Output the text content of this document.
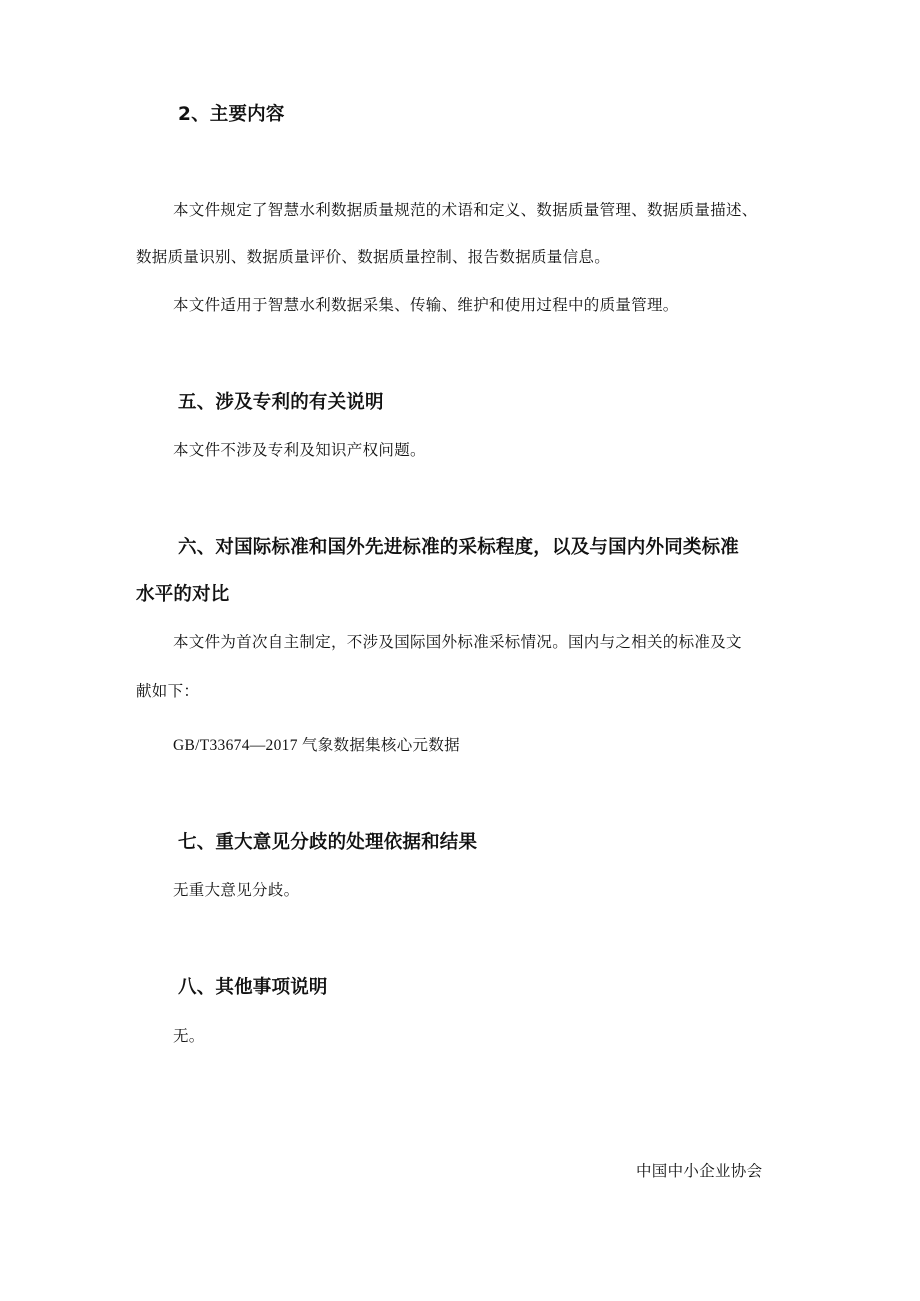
2、主要内容
本文件规定了智慧水利数据质量规范的术语和定义、数据质量管理、数据质量描述、
数据质量识别、数据质量评价、数据质量控制、报告数据质量信息。
本文件适用于智慧水利数据采集、传输、维护和使用过程中的质量管理。
五、涉及专利的有关说明
本文件不涉及专利及知识产权问题。
六、对国际标准和国外先进标准的采标程度，以及与国内外同类标准
水平的对比
本文件为首次自主制定，不涉及国际国外标准采标情况。国内与之相关的标准及文
献如下：
GB/T33674—2017 气象数据集核心元数据
七、重大意见分歧的处理依据和结果
无重大意见分歧。
八、其他事项说明
无。
中国中小企业协会
